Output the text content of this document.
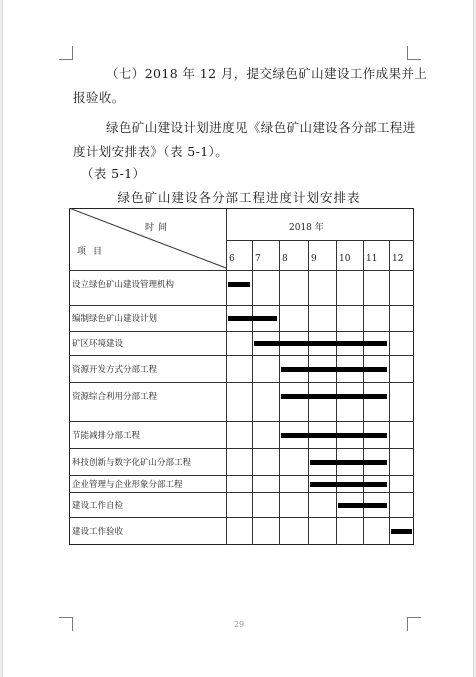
（七）2018 年 12 月，提交绿色矿山建设工作成果并上
报验收。
绿色矿山建设计划进度见《绿色矿山建设各分部工程进
度计划安排表》（表 5-1）。
（表 5-1）
绿色矿山建设各分部工程进度计划安排表
时间
项目
2018 年
6 7 8	9 10 11 12
设立绿色矿山建设管理机构
编制绿色矿山建设计划
矿区环境建设
资源开发方式分部工程
资源综合利用分部工程
节能减排分部工程
科技创新与数字化矿山分部工程
企业管理与企业形象分部工程
建设工作自检
建设工作验收
29
